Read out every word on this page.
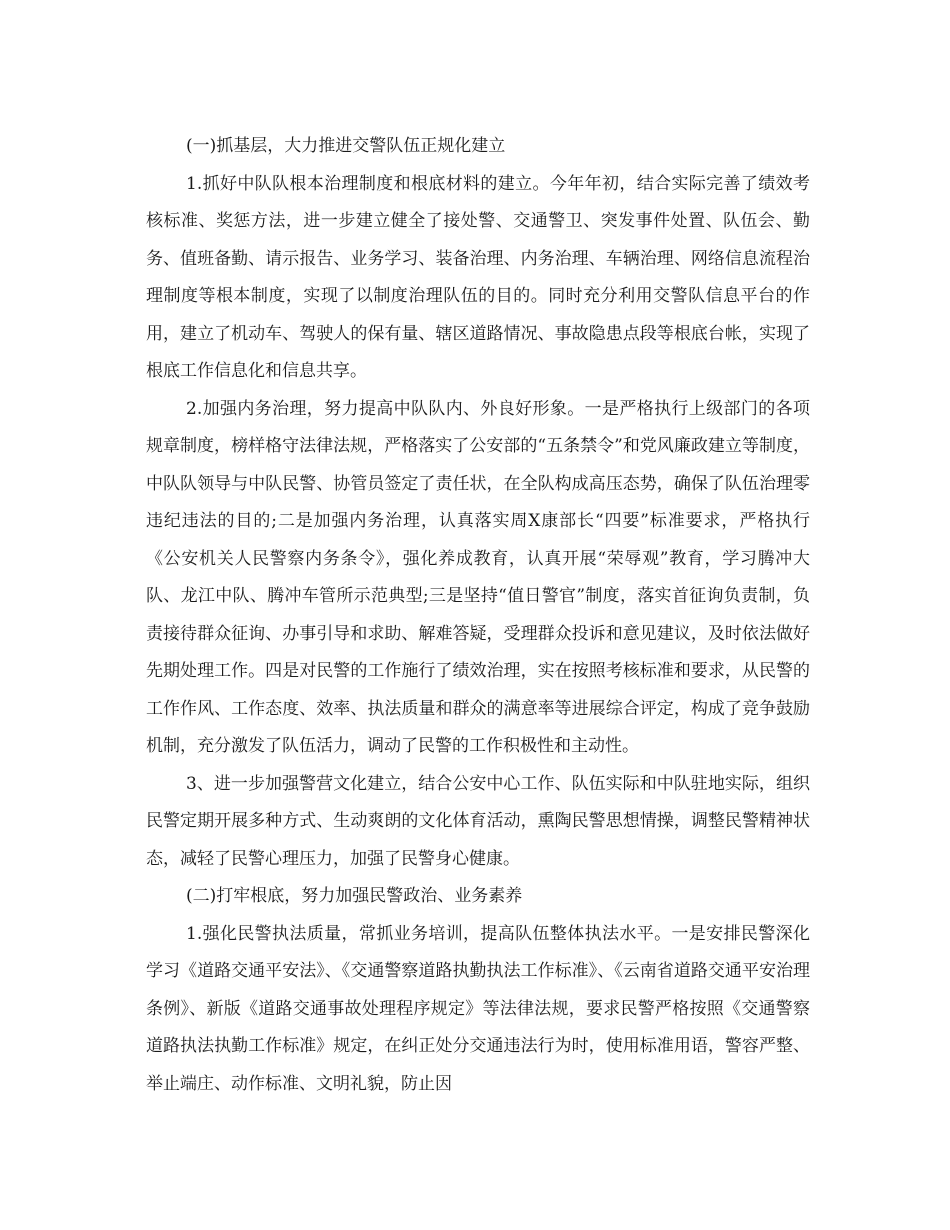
(一)抓基层，大力推进交警队伍正规化建立

1.抓好中队队根本治理制度和根底材料的建立。今年年初，结合实际完善了绩效考核标准、奖惩方法，进一步建立健全了接处警、交通警卫、突发事件处置、队伍会、勤务、值班备勤、请示报告、业务学习、装备治理、内务治理、车辆治理、网络信息流程治理制度等根本制度，实现了以制度治理队伍的目的。同时充分利用交警队信息平台的作用，建立了机动车、驾驶人的保有量、辖区道路情况、事故隐患点段等根底台帐，实现了根底工作信息化和信息共享。

2.加强内务治理，努力提高中队队内、外良好形象。一是严格执行上级部门的各项规章制度，榜样格守法律法规，严格落实了公安部的“五条禁令”和党风廉政建立等制度，中队队领导与中队民警、协管员签定了责任状，在全队构成高压态势，确保了队伍治理零违纪违法的目的;二是加强内务治理，认真落实周X康部长“四要”标准要求，严格执行《公安机关人民警察内务条令》，强化养成教育，认真开展“荣辱观”教育，学习腾冲大队、龙江中队、腾冲车管所示范典型;三是坚持“值日警官”制度，落实首征询负责制，负责接待群众征询、办事引导和求助、解难答疑，受理群众投诉和意见建议，及时依法做好先期处理工作。四是对民警的工作施行了绩效治理，实在按照考核标准和要求，从民警的工作作风、工作态度、效率、执法质量和群众的满意率等进展综合评定，构成了竞争鼓励机制，充分激发了队伍活力，调动了民警的工作积极性和主动性。

3、进一步加强警营文化建立，结合公安中心工作、队伍实际和中队驻地实际，组织民警定期开展多种方式、生动爽朗的文化体育活动，熏陶民警思想情操，调整民警精神状态，减轻了民警心理压力，加强了民警身心健康。

(二)打牢根底，努力加强民警政治、业务素养

1.强化民警执法质量，常抓业务培训，提高队伍整体执法水平。一是安排民警深化学习《道路交通平安法》、《交通警察道路执勤执法工作标准》、《云南省道路交通平安治理条例》、新版《道路交通事故处理程序规定》等法律法规，要求民警严格按照《交通警察道路执法执勤工作标准》规定，在纠正处分交通违法行为时，使用标准用语，警容严整、举止端庄、动作标准、文明礼貌，防止因
